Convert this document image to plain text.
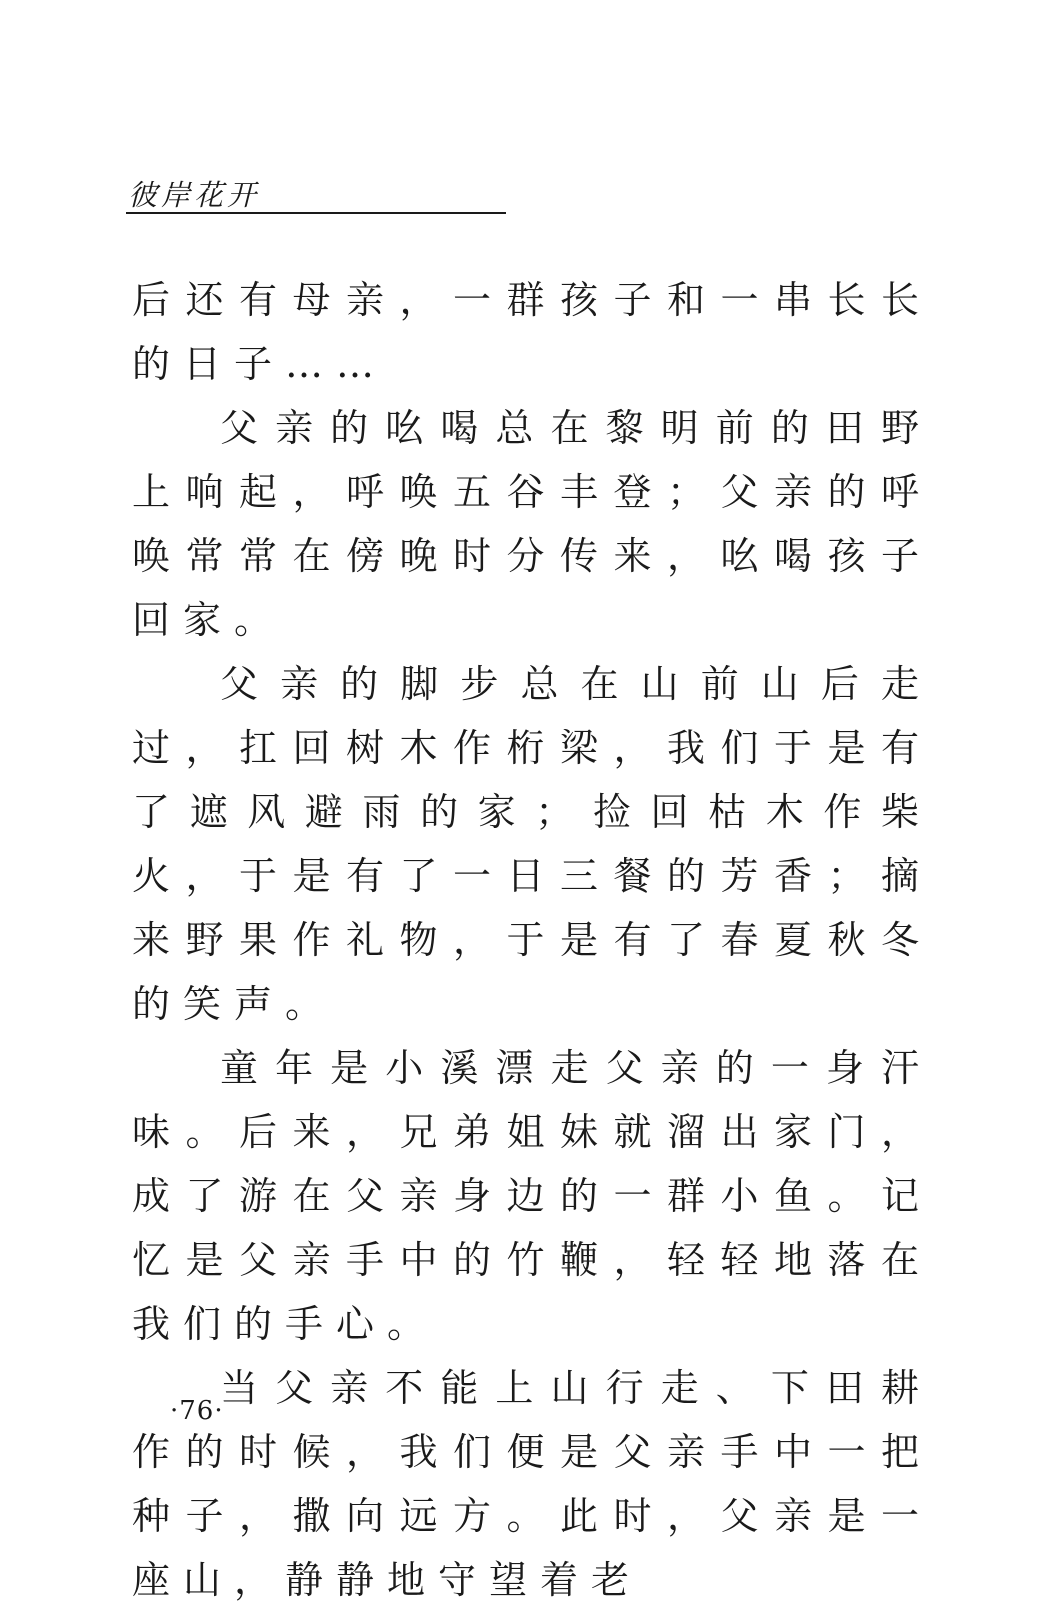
彼岸花开

后还有母亲，一群孩子和一串长长的日子……

父亲的吆喝总在黎明前的田野上响起，呼唤五谷丰登；父亲的呼唤常常在傍晚时分传来，吆喝孩子回家。

父亲的脚步总在山前山后走过，扛回树木作桁梁，我们于是有了遮风避雨的家；捡回枯木作柴火，于是有了一日三餐的芳香；摘来野果作礼物，于是有了春夏秋冬的笑声。

童年是小溪漂走父亲的一身汗味。后来，兄弟姐妹就溜出家门，成了游在父亲身边的一群小鱼。记忆是父亲手中的竹鞭，轻轻地落在我们的手心。

当父亲不能上山行走、下田耕作的时候，我们便是父亲手中一把种子，撒向远方。此时，父亲是一座山，静静地守望着老

·76·
